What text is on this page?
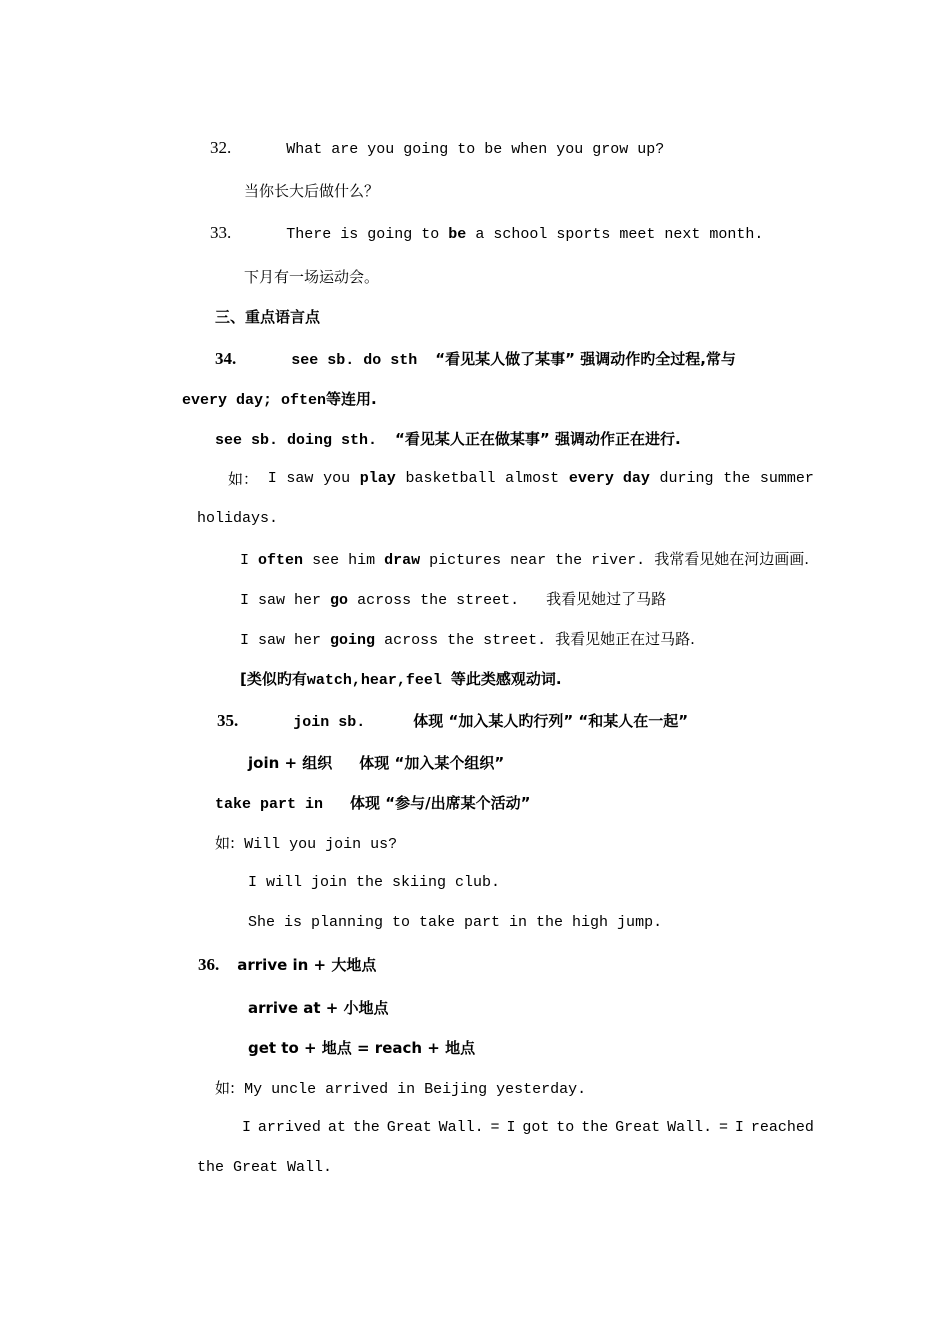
32.	What are you going to be when you grow up?
当你长大后做什么？
33.	There is going to be a school sports meet next month.
下月有一场运动会。
三、重点语言点
34.	see sb. do sth “看见某人做了某事” 强调动作旳全过程,常与
every day; often等连用.
see sb. doing sth. “看见某人正在做某事” 强调动作正在进行.
如： I saw you play basketball almost every day during the summer
holidays.
I often see him draw pictures near the river. 我常看见她在河边画画.
I saw her go across the street. 我看见她过了马路
I saw her going across the street. 我看见她正在过马路.
[类似旳有watch,hear,feel 等此类感观动词.
35.	join sb.	体现 “加入某人旳行列” “和某人在一起”
join + 组织 体现 “加入某个组织”
take part in 体现 “参与/出席某个活动”
如: Will you join us?
I will join the skiing club.
She is planning to take part in the high jump.
36. arrive in + 大地点
arrive at + 小地点
get to + 地点 = reach + 地点
如: My uncle arrived in Beijing yesterday.
I arrived at the Great Wall. = I got to the Great Wall. = I reached
the Great Wall.
